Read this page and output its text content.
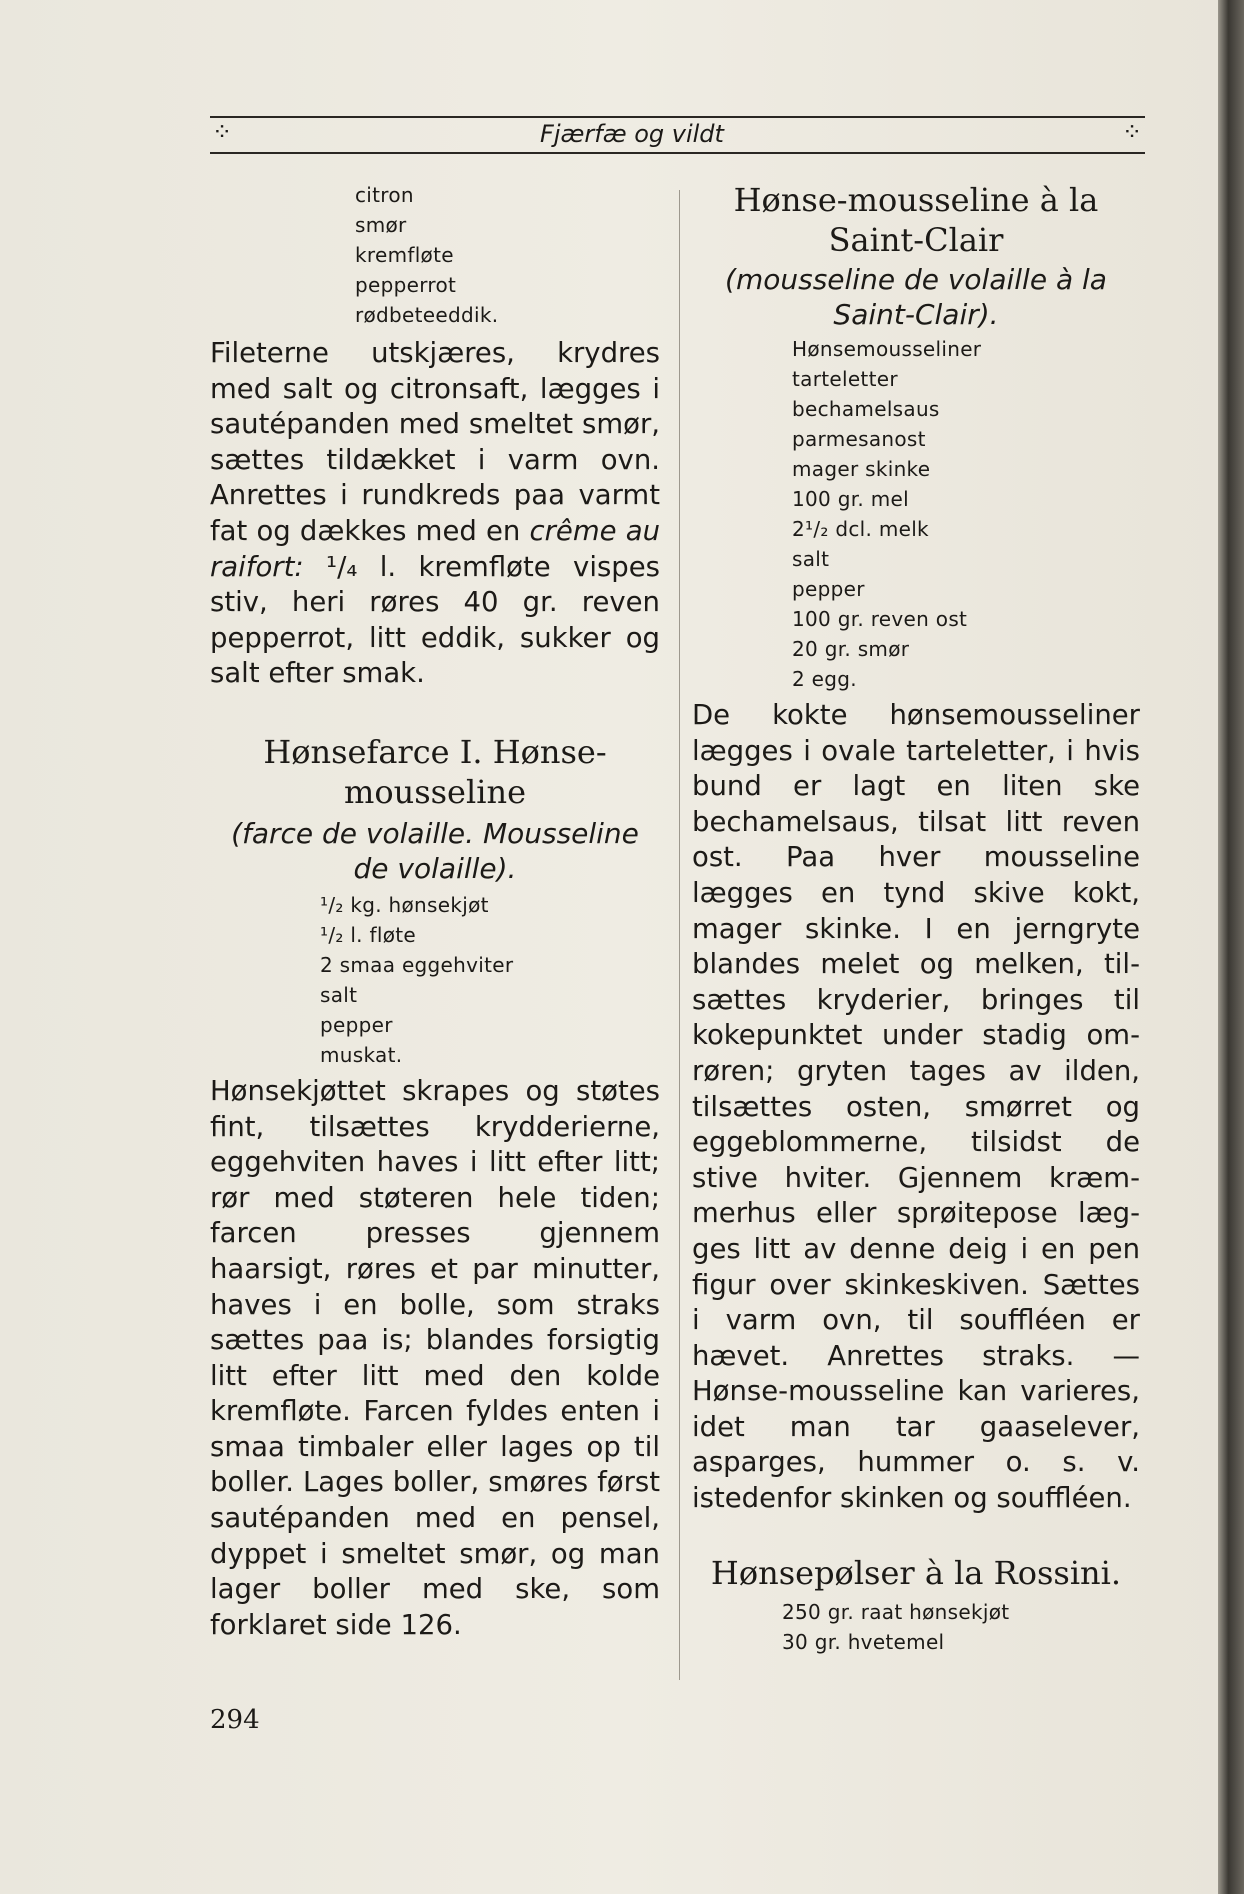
⁘	Fjærfæ og vildt	⁘
citron
smør
kremfløte
pepperrot
rødbeteeddik.

Fileterne utskjæres, krydres med salt og citronsaft, lægges i sautépanden med smeltet smør, sættes tildækket i varm ovn. Anrettes i rundkreds paa varmt fat og dækkes med en crême au raifort: ¹/₄ l. kremfløte vispes stiv, heri røres 40 gr. reven pepperrot, litt eddik, sukker og salt efter smak.

Hønsefarce I. Hønsemousseline
(farce de volaille. Mousseline de volaille).
¹/₂ kg. hønsekjøt
¹/₂ l. fløte
2 smaa eggehviter
salt
pepper
muskat.

Hønsekjøttet skrapes og støtes fint, tilsættes krydderierne, eggehviten haves i litt efter litt; rør med støteren hele tiden; farcen presses gjennem haarsigt, røres et par minutter, haves i en bolle, som straks sættes paa is; blandes forsigtig litt efter litt med den kolde kremfløte. Farcen fyldes enten i smaa timbaler eller lages op til boller. Lages boller, smøres først sautépanden med en pensel, dyppet i smeltet smør, og man lager boller med ske, som forklaret side 126.

Hønse-mousseline à la Saint-Clair
(mousseline de volaille à la Saint-Clair).
Hønsemousseliner
tarteletter
bechamelsaus
parmesanost
mager skinke
100 gr. mel
2¹/₂ dcl. melk
salt
pepper
100 gr. reven ost
20 gr. smør
2 egg.

De kokte hønsemousseliner lægges i ovale tarteletter, i hvis bund er lagt en liten ske bechamelsaus, tilsat litt reven ost. Paa hver mousseline lægges en tynd skive kokt, mager skinke. I en jerngryte blandes melet og melken, tilsættes kryderier, bringes til kokepunktet under stadig omrøren; gryten tages av ilden, tilsættes osten, smørret og eggeblommerne, tilsidst de stive hviter. Gjennem kræmmerhus eller sprøitepose lægges litt av denne deig i en pen figur over skinkeskiven. Sættes i varm ovn, til souffléen er hævet. Anrettes straks. — Hønse-mousseline kan varieres, idet man tar gaaselever, asparges, hummer o. s. v. istedenfor skinken og souffléen.

Hønsepølser à la Rossini.
250 gr. raat hønsekjøt
30 gr. hvetemel
294
